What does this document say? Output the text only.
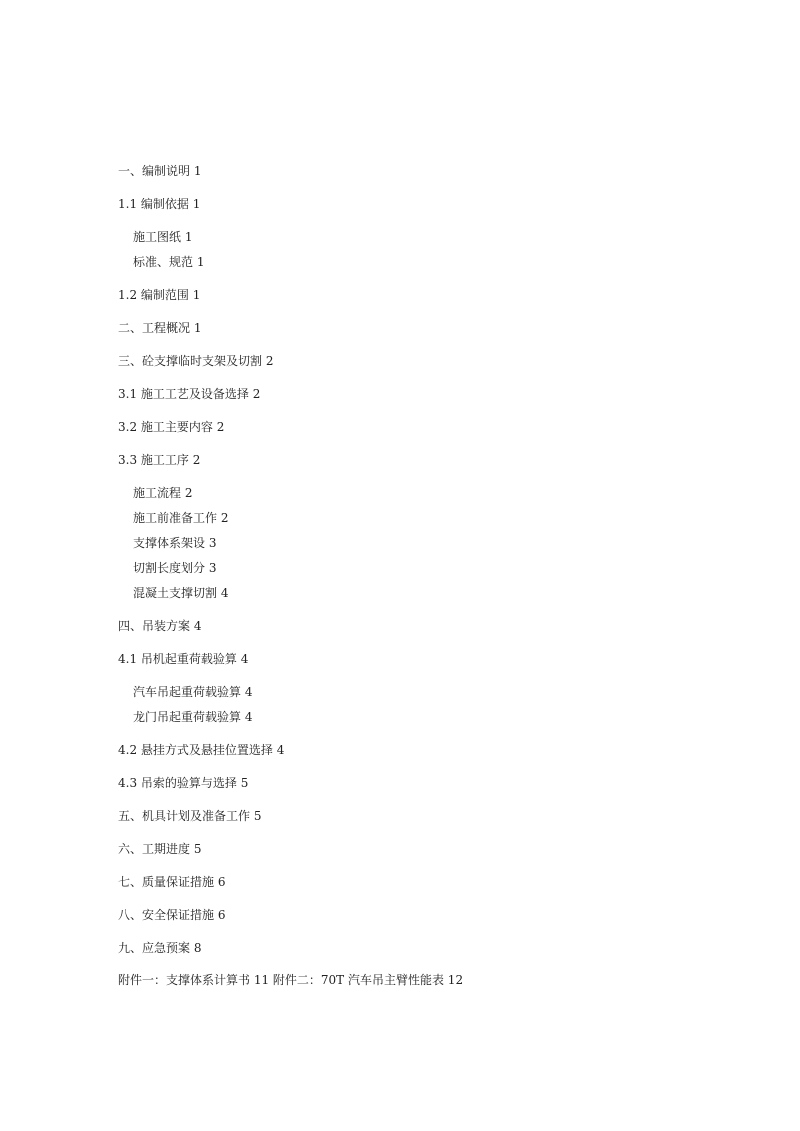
一、编制说明 1
1.1 编制依据 1
施工图纸 1
标准、规范 1
1.2 编制范围 1
二、工程概况 1
三、砼支撑临时支架及切割 2
3.1 施工工艺及设备选择 2
3.2 施工主要内容 2
3.3 施工工序 2
施工流程 2
施工前准备工作 2
支撑体系架设 3
切割长度划分 3
混凝土支撑切割 4
四、吊装方案 4
4.1 吊机起重荷载验算 4
汽车吊起重荷载验算 4
龙门吊起重荷载验算 4
4.2 悬挂方式及悬挂位置选择 4
4.3 吊索的验算与选择 5
五、机具计划及准备工作 5
六、工期进度 5
七、质量保证措施 6
八、安全保证措施 6
九、应急预案 8
附件一：支撑体系计算书 11 附件二：70T 汽车吊主臂性能表 12
